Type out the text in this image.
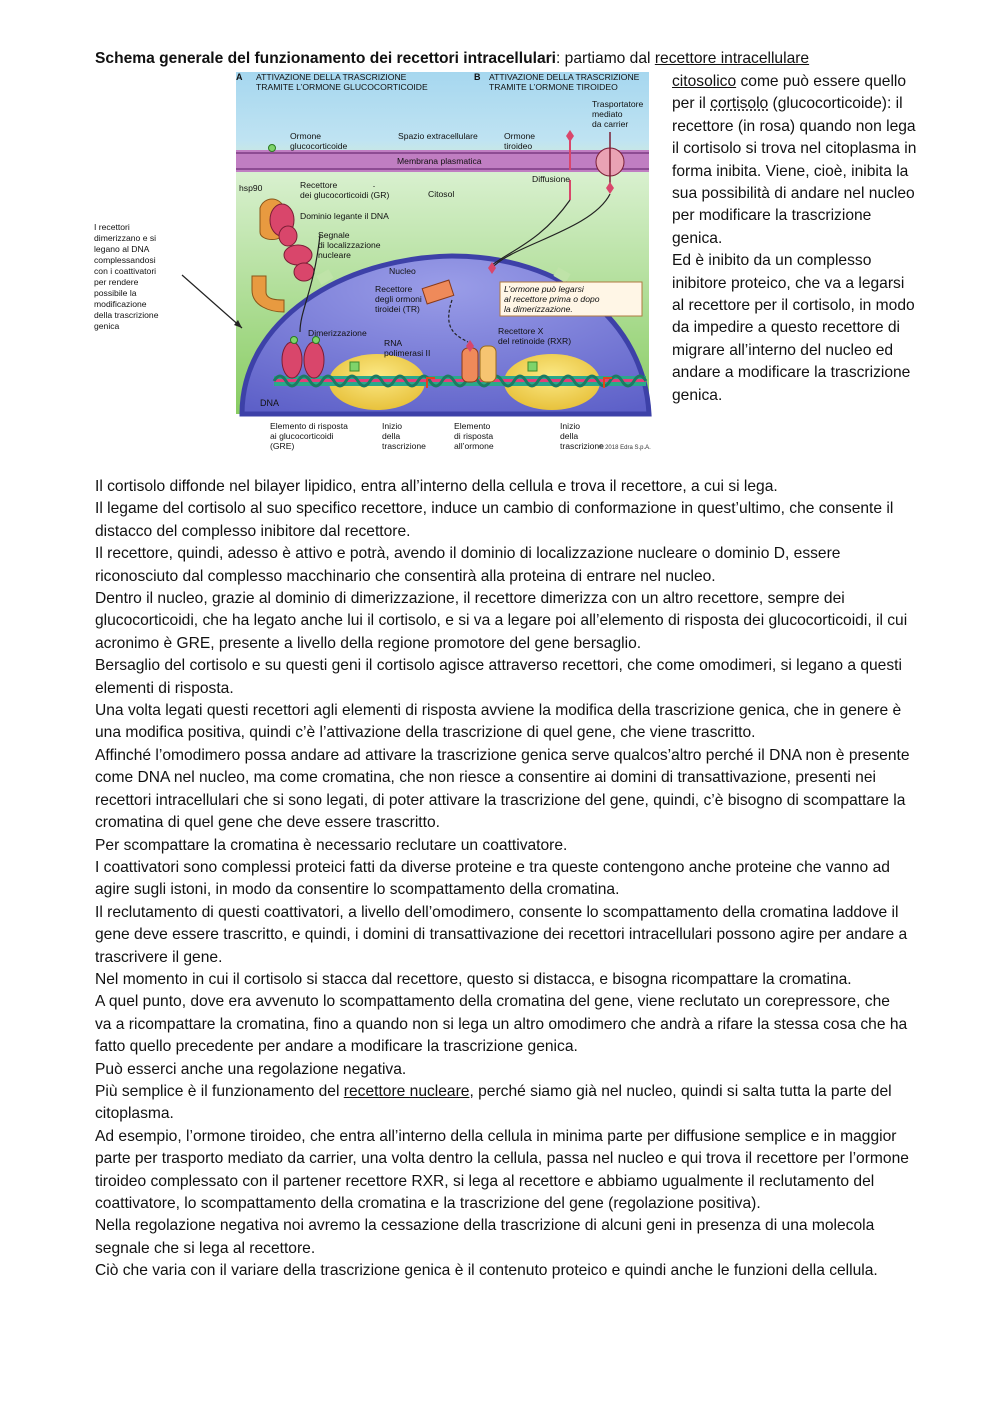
Schema generale del funzionamento dei recettori intracellulari: partiamo dal recettore intracellulare
A ATTIVAZIONE DELLA TRASCRIZIONE
TRAMITE L’ORMONE GLUCOCORTICOIDE
B ATTIVAZIONE DELLA TRASCRIZIONE
TRAMITE L’ORMONE TIROIDEO
Ormone
glucocorticoide
Spazio extracellulare	Ormone
tiroideo
Trasportatore
mediato
da carrier
Membrana plasmatica
hsp90	Recettore
dei glucocorticoidi (GR)	Citosol
Diffusione
Dominio legante il DNA
Segnale
di localizzazione
nucleare
Nucleo
Recettore
degli ormoni
tiroidei (TR)
L’ormone può legarsi
al recettore prima o dopo
la dimerizzazione.
I recettori
dimerizzano e si
legano al DNA
complessandosi
con i coattivatori
per rendere
possibile la
modificazione
della trascrizione
genica
Dimerizzazione
RNA
polimerasi II
Recettore X
del retinoide (RXR)
DNA
Elemento di risposta
ai glucocorticoidi
(GRE)
Inizio
della
trascrizione
Elemento
di risposta
all’ormone
Inizio
della
trascrizione
© 2018 Edra S.p.A.

citosolico come può essere quello per il cortisolo (glucocorticoide): il recettore (in rosa) quando non lega il cortisolo si trova nel citoplasma in forma inibita. Viene, cioè, inibita la sua possibilità di andare nel nucleo per modificare la trascrizione genica.

Ed è inibito da un complesso inibitore proteico, che va a legarsi al recettore per il cortisolo, in modo da impedire a questo recettore di migrare all’interno del nucleo ed andare a modificare la trascrizione genica.

Il cortisolo diffonde nel bilayer lipidico, entra all’interno della cellula e trova il recettore, a cui si lega.

Il legame del cortisolo al suo specifico recettore, induce un cambio di conformazione in quest’ultimo, che consente il distacco del complesso inibitore dal recettore.

Il recettore, quindi, adesso è attivo e potrà, avendo il dominio di localizzazione nucleare o dominio D, essere riconosciuto dal complesso macchinario che consentirà alla proteina di entrare nel nucleo.

Dentro il nucleo, grazie al dominio di dimerizzazione, il recettore dimerizza con un altro recettore, sempre dei glucocorticoidi, che ha legato anche lui il cortisolo, e si va a legare poi all’elemento di risposta dei glucocorticoidi, il cui acronimo è GRE, presente a livello della regione promotore del gene bersaglio.

Bersaglio del cortisolo e su questi geni il cortisolo agisce attraverso recettori, che come omodimeri, si legano a questi elementi di risposta.

Una volta legati questi recettori agli elementi di risposta avviene la modifica della trascrizione genica, che in genere è una modifica positiva, quindi c’è l’attivazione della trascrizione di quel gene, che viene trascritto.

Affinché l’omodimero possa andare ad attivare la trascrizione genica serve qualcos’altro perché il DNA non è presente come DNA nel nucleo, ma come cromatina, che non riesce a consentire ai domini di transattivazione, presenti nei recettori intracellulari che si sono legati, di poter attivare la trascrizione del gene, quindi, c’è bisogno di scompattare la cromatina di quel gene che deve essere trascritto.

Per scompattare la cromatina è necessario reclutare un coattivatore.

I coattivatori sono complessi proteici fatti da diverse proteine e tra queste contengono anche proteine che vanno ad agire sugli istoni, in modo da consentire lo scompattamento della cromatina.

Il reclutamento di questi coattivatori, a livello dell’omodimero, consente lo scompattamento della cromatina laddove il gene deve essere trascritto, e quindi, i domini di transattivazione dei recettori intracellulari possono agire per andare a trascrivere il gene.

Nel momento in cui il cortisolo si stacca dal recettore, questo si distacca, e bisogna ricompattare la cromatina.

A quel punto, dove era avvenuto lo scompattamento della cromatina del gene, viene reclutato un corepressore, che va a ricompattare la cromatina, fino a quando non si lega un altro omodimero che andrà a rifare la stessa cosa che ha fatto quello precedente per andare a modificare la trascrizione genica.

Può esserci anche una regolazione negativa.

Più semplice è il funzionamento del recettore nucleare, perché siamo già nel nucleo, quindi si salta tutta la parte del citoplasma.

Ad esempio, l’ormone tiroideo, che entra all’interno della cellula in minima parte per diffusione semplice e in maggior parte per trasporto mediato da carrier, una volta dentro la cellula, passa nel nucleo e qui trova il recettore per l’ormone tiroideo complessato con il partener recettore RXR, si lega al recettore e abbiamo ugualmente il reclutamento del coattivatore, lo scompattamento della cromatina e la trascrizione del gene (regolazione positiva).

Nella regolazione negativa noi avremo la cessazione della trascrizione di alcuni geni in presenza di una molecola segnale che si lega al recettore.

Ciò che varia con il variare della trascrizione genica è il contenuto proteico e quindi anche le funzioni della cellula.
